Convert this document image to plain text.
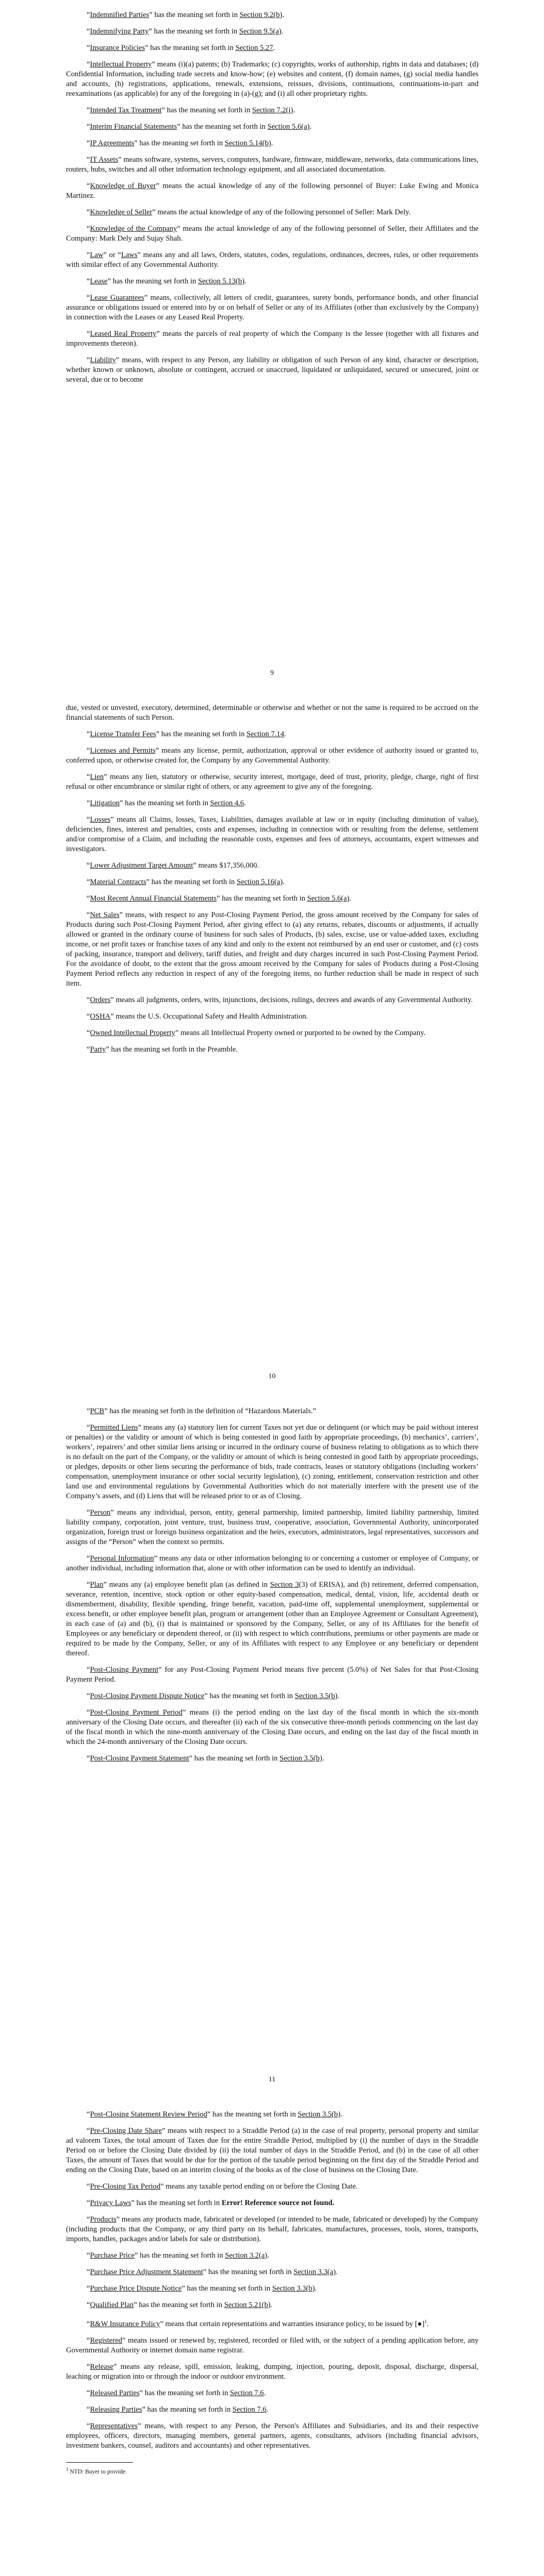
“Indemnified Parties” has the meaning set forth in Section 9.2(b).

“Indemnifying Party” has the meaning set forth in Section 9.5(a).

“Insurance Policies” has the meaning set forth in Section 5.27.

“Intellectual Property” means (i)(a) patents; (b) Trademarks; (c) copyrights, works of authorship, rights in data and databases; (d) Confidential Information, including trade secrets and know-how; (e) websites and content, (f) domain names, (g) social media handles and accounts, (h) registrations, applications, renewals, extensions, reissues, divisions, continuations, continuations-in-part and reexaminations (as applicable) for any of the foregoing in (a)-(g); and (i) all other proprietary rights.

“Intended Tax Treatment” has the meaning set forth in Section 7.2(i).

“Interim Financial Statements” has the meaning set forth in Section 5.6(a).

“IP Agreements” has the meaning set forth in Section 5.14(b).

“IT Assets” means software, systems, servers, computers, hardware, firmware, middleware, networks, data communications lines, routers, hubs, switches and all other information technology equipment, and all associated documentation.

“Knowledge of Buyer” means the actual knowledge of any of the following personnel of Buyer: Luke Ewing and Monica Martinez.

“Knowledge of Seller” means the actual knowledge of any of the following personnel of Seller: Mark Dely.

“Knowledge of the Company” means the actual knowledge of any of the following personnel of Seller, their Affiliates and the Company: Mark Dely and Sujay Shah.

“Law” or “Laws” means any and all laws, Orders, statutes, codes, regulations, ordinances, decrees, rules, or other requirements with similar effect of any Governmental Authority.

“Lease” has the meaning set forth in Section 5.13(b).

“Lease Guarantees” means, collectively, all letters of credit, guarantees, surety bonds, performance bonds, and other financial assurance or obligations issued or entered into by or on behalf of Seller or any of its Affiliates (other than exclusively by the Company) in connection with the Leases or any Leased Real Property.

“Leased Real Property” means the parcels of real property of which the Company is the lessee (together with all fixtures and improvements thereon).

“Liability” means, with respect to any Person, any liability or obligation of such Person of any kind, character or description, whether known or unknown, absolute or contingent, accrued or unaccrued, liquidated or unliquidated, secured or unsecured, joint or several, due or to become

9

due, vested or unvested, executory, determined, determinable or otherwise and whether or not the same is required to be accrued on the financial statements of such Person.

“License Transfer Fees” has the meaning set forth in Section 7.14.

“Licenses and Permits” means any license, permit, authorization, approval or other evidence of authority issued or granted to, conferred upon, or otherwise created for, the Company by any Governmental Authority.

“Lien” means any lien, statutory or otherwise, security interest, mortgage, deed of trust, priority, pledge, charge, right of first refusal or other encumbrance or similar right of others, or any agreement to give any of the foregoing.

“Litigation” has the meaning set forth in Section 4.6.

“Losses” means all Claims, losses, Taxes, Liabilities, damages available at law or in equity (including diminution of value), deficiencies, fines, interest and penalties, costs and expenses, including in connection with or resulting from the defense, settlement and/or compromise of a Claim, and including the reasonable costs, expenses and fees of attorneys, accountants, expert witnesses and investigators.

“Lower Adjustment Target Amount” means $17,356,000.

“Material Contracts” has the meaning set forth in Section 5.16(a).

“Most Recent Annual Financial Statements” has the meaning set forth in Section 5.6(a).

“Net Sales” means, with respect to any Post-Closing Payment Period, the gross amount received by the Company for sales of Products during such Post-Closing Payment Period, after giving effect to (a) any returns, rebates, discounts or adjustments, if actually allowed or granted in the ordinary course of business for such sales of Products, (b) sales, excise, use or value-added taxes, excluding income, or net profit taxes or franchise taxes of any kind and only to the extent not reimbursed by an end user or customer, and (c) costs of packing, insurance, transport and delivery, tariff duties, and freight and duty charges incurred in such Post-Closing Payment Period. For the avoidance of doubt, to the extent that the gross amount received by the Company for sales of Products during a Post-Closing Payment Period reflects any reduction in respect of any of the foregoing items, no further reduction shall be made in respect of such item.

“Orders” means all judgments, orders, writs, injunctions, decisions, rulings, decrees and awards of any Governmental Authority.

“OSHA” means the U.S. Occupational Safety and Health Administration.

“Owned Intellectual Property” means all Intellectual Property owned or purported to be owned by the Company.

“Party” has the meaning set forth in the Preamble.

10

“PCB” has the meaning set forth in the definition of “Hazardous Materials.”

“Permitted Liens” means any (a) statutory lien for current Taxes not yet due or delinquent (or which may be paid without interest or penalties) or the validity or amount of which is being contested in good faith by appropriate proceedings, (b) mechanics’, carriers’, workers’, repairers’ and other similar liens arising or incurred in the ordinary course of business relating to obligations as to which there is no default on the part of the Company, or the validity or amount of which is being contested in good faith by appropriate proceedings, or pledges, deposits or other liens securing the performance of bids, trade contracts, leases or statutory obligations (including workers’ compensation, unemployment insurance or other social security legislation), (c) zoning, entitlement, conservation restriction and other land use and environmental regulations by Governmental Authorities which do not materially interfere with the present use of the Company’s assets, and (d) Liens that will be released prior to or as of Closing.

“Person” means any individual, person, entity, general partnership, limited partnership, limited liability partnership, limited liability company, corporation, joint venture, trust, business trust, cooperative, association, Governmental Authority, unincorporated organization, foreign trust or foreign business organization and the heirs, executors, administrators, legal representatives, successors and assigns of the “Person” when the context so permits.

“Personal Information” means any data or other information belonging to or concerning a customer or employee of Company, or another individual, including information that, alone or with other information can be used to identify an individual.

“Plan” means any (a) employee benefit plan (as defined in Section 3(3) of ERISA), and (b) retirement, deferred compensation, severance, retention, incentive, stock option or other equity-based compensation, medical, dental, vision, life, accidental death or dismemberment, disability, flexible spending, fringe benefit, vacation, paid-time off, supplemental unemployment, supplemental or excess benefit, or other employee benefit plan, program or arrangement (other than an Employee Agreement or Consultant Agreement), in each case of (a) and (b), (i) that is maintained or sponsored by the Company, Seller, or any of its Affiliates for the benefit of Employees or any beneficiary or dependent thereof, or (ii) with respect to which contributions, premiums or other payments are made or required to be made by the Company, Seller, or any of its Affiliates with respect to any Employee or any beneficiary or dependent thereof.

“Post-Closing Payment” for any Post-Closing Payment Period means five percent (5.0%) of Net Sales for that Post-Closing Payment Period.

“Post-Closing Payment Dispute Notice” has the meaning set forth in Section 3.5(b).

“Post-Closing Payment Period” means (i) the period ending on the last day of the fiscal month in which the six-month anniversary of the Closing Date occurs, and thereafter (ii) each of the six consecutive three-month periods commencing on the last day of the fiscal month in which the nine-month anniversary of the Closing Date occurs, and ending on the last day of the fiscal month in which the 24-month anniversary of the Closing Date occurs.

“Post-Closing Payment Statement” has the meaning set forth in Section 3.5(b).

11

“Post-Closing Statement Review Period” has the meaning set forth in Section 3.5(b).

“Pre-Closing Date Share” means with respect to a Straddle Period (a) in the case of real property, personal property and similar ad valorem Taxes, the total amount of Taxes due for the entire Straddle Period, multiplied by (i) the number of days in the Straddle Period on or before the Closing Date divided by (ii) the total number of days in the Straddle Period, and (b) in the case of all other Taxes, the amount of Taxes that would be due for the portion of the taxable period beginning on the first day of the Straddle Period and ending on the Closing Date, based on an interim closing of the books as of the close of business on the Closing Date.

“Pre-Closing Tax Period” means any taxable period ending on or before the Closing Date.

“Privacy Laws” has the meaning set forth in Error! Reference source not found.

“Products” means any products made, fabricated or developed (or intended to be made, fabricated or developed) by the Company (including products that the Company, or any third party on its behalf, fabricates, manufactures, processes, tools, stores, transports, imports, handles, packages and/or labels for sale or distribution).

“Purchase Price” has the meaning set forth in Section 3.2(a).

“Purchase Price Adjustment Statement” has the meaning set forth in Section 3.3(a).

“Purchase Price Dispute Notice” has the meaning set forth in Section 3.3(b).

“Qualified Plan” has the meaning set forth in Section 5.21(b).

“R&W Insurance Policy” means that certain representations and warranties insurance policy, to be issued by [●]$^1$.

“Registered” means issued or renewed by, registered, recorded or filed with, or the subject of a pending application before, any Governmental Authority or internet domain name registrar.

“Release” means any release, spill, emission, leaking, dumping, injection, pouring, deposit, disposal, discharge, dispersal, leaching or migration into or through the indoor or outdoor environment.

“Released Parties” has the meaning set forth in Section 7.6.

“Releasing Parties” has the meaning set forth in Section 7.6.

“Representatives” means, with respect to any Person, the Person's Affiliates and Subsidiaries, and its and their respective employees, officers, directors, managing members, general partners, agents, consultants, advisors (including financial advisors, investment bankers, counsel, auditors and accountants) and other representatives.

$^1$ NTD: Buyer to provide.
